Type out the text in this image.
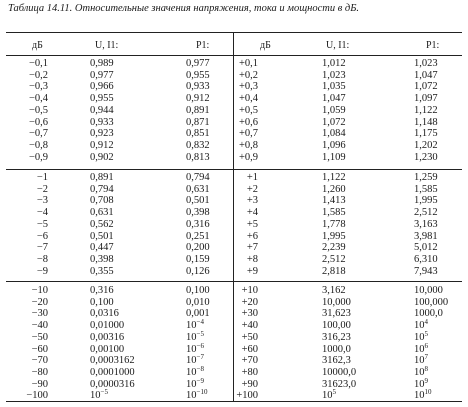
Таблица 14.11. Относительные значения напряжения, тока и мощности в дБ.
дБ	U, I1:	P1:	дБ	U, I1:	P1:
−0,1	0,989	0,977	+0,1	1,012	1,023
−0,2	0,977	0,955	+0,2	1,023	1,047
−0,3	0,966	0,933	+0,3	1,035	1,072
−0,4	0,955	0,912	+0,4	1,047	1,097
−0,5	0,944	0,891	+0,5	1,059	1,122
−0,6	0,933	0,871	+0,6	1,072	1,148
−0,7	0,923	0,851	+0,7	1,084	1,175
−0,8	0,912	0,832	+0,8	1,096	1,202
−0,9	0,902	0,813	+0,9	1,109	1,230
−1	0,891	0,794	+1	1,122	1,259
−2	0,794	0,631	+2	1,260	1,585
−3	0,708	0,501	+3	1,413	1,995
−4	0,631	0,398	+4	1,585	2,512
−5	0,562	0,316	+5	1,778	3,163
−6	0,501	0,251	+6	1,995	3,981
−7	0,447	0,200	+7	2,239	5,012
−8	0,398	0,159	+8	2,512	6,310
−9	0,355	0,126	+9	2,818	7,943
−10	0,316	0,100	+10	3,162	10,000
−20	0,100	0,010	+20	10,000	100,000
−30	0,0316	0,001	+30	31,623	1000,0
−40	0,01000	$10^{-4}$	+40	100,00	$10^4$
−50	0,00316	$10^{-5}$	+50	316,23	$10^5$
−60	0,00100	$10^{-6}$	+60	1000,0	$10^6$
−70	0,0003162	$10^{-7}$	+70	3162,3	$10^7$
−80	0,0001000	$10^{-8}$	+80	10000,0	$10^8$
−90	0,0000316	$10^{-9}$	+90	31623,0	$10^9$
−100	$10^{-5}$	$10^{-10}$	+100	$10^5$	$10^{10}$
